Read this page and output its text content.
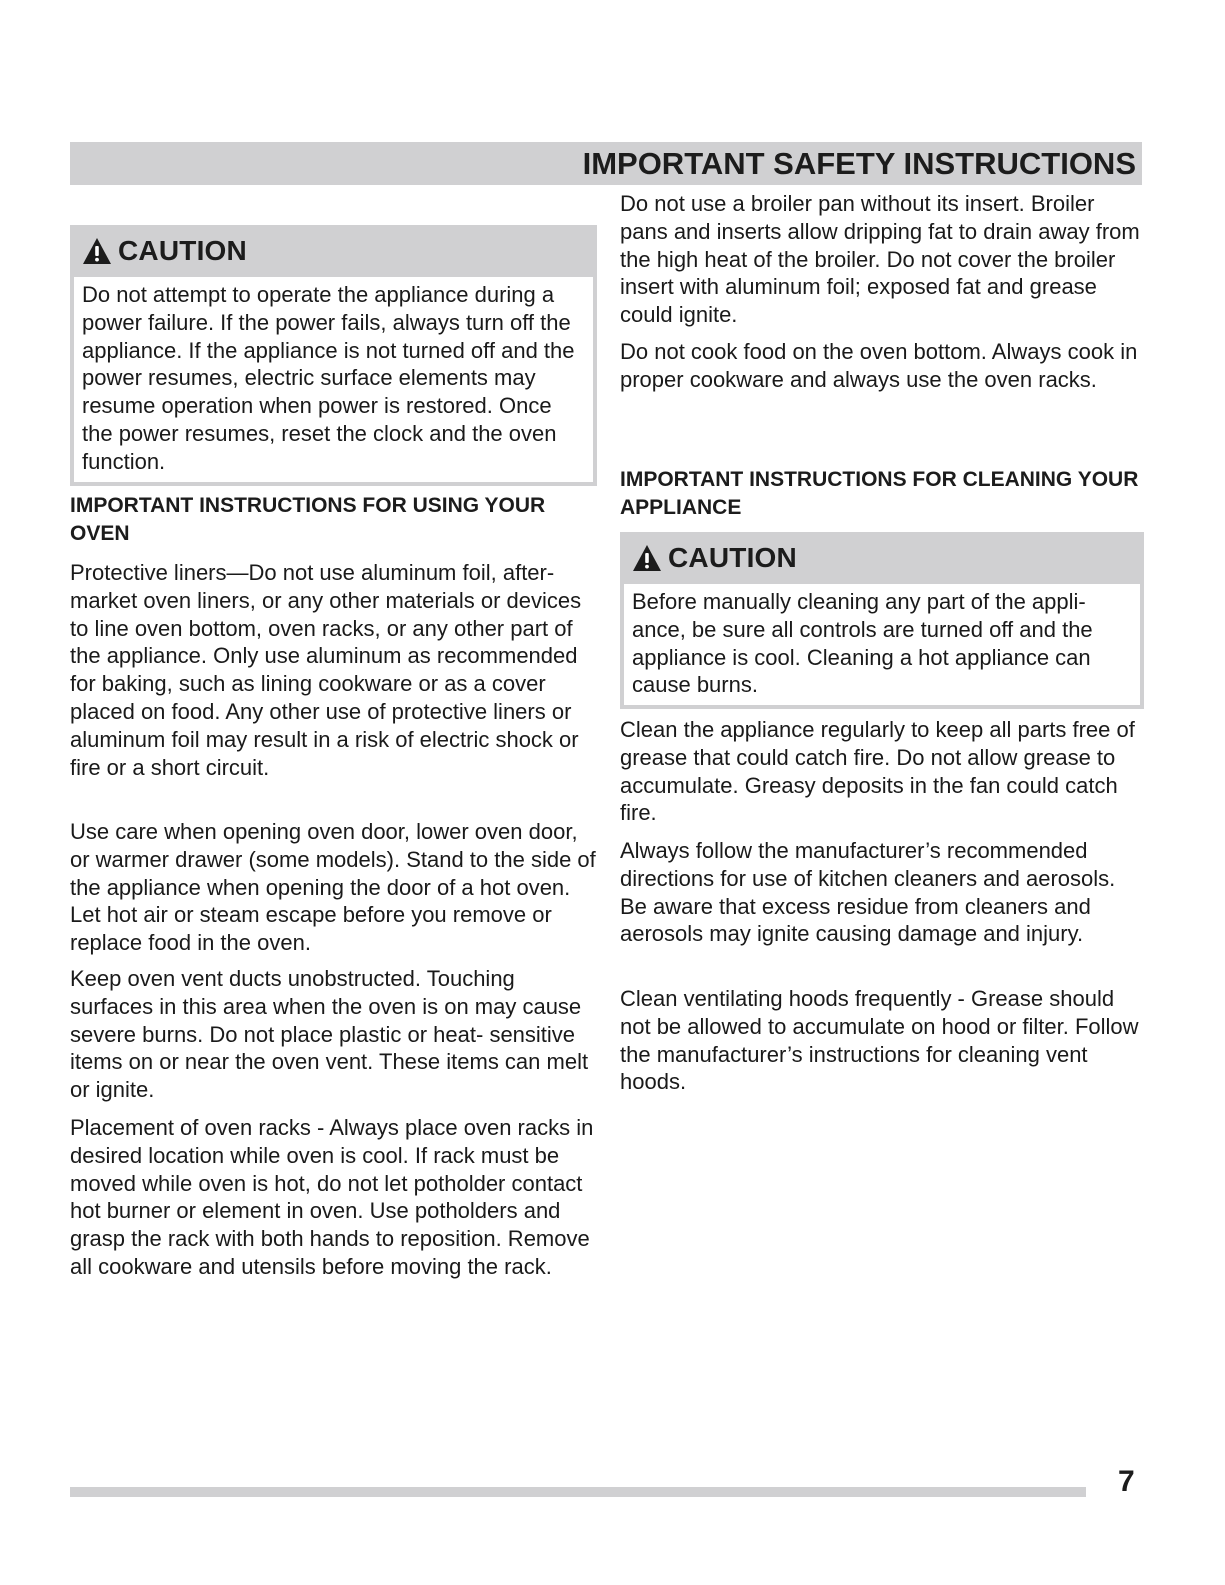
IMPORTANT SAFETY INSTRUCTIONS
CAUTION
Do not attempt to operate the appliance during a power failure. If the power fails, always turn off the appliance. If the appliance is not turned off and the power resumes, electric surface elements may resume operation when power is restored. Once the power resumes, reset the clock and the oven function.
IMPORTANT INSTRUCTIONS FOR USING YOUR OVEN

Protective liners—Do not use aluminum foil, after- market oven liners, or any other materials or devices to line oven bottom, oven racks, or any other part of the appliance. Only use aluminum as recommended for baking, such as lining cookware or as a cover placed on food. Any other use of protective liners or aluminum foil may result in a risk of electric shock or fire or a short circuit.

Use care when opening oven door, lower oven door, or warmer drawer (some models). Stand to the side of the appliance when opening the door of a hot oven. Let hot air or steam escape before you remove or replace food in the oven.

Keep oven vent ducts unobstructed. Touching surfaces in this area when the oven is on may cause severe burns. Do not place plastic or heat- sensitive items on or near the oven vent. These items can melt or ignite.

Placement of oven racks - Always place oven racks in desired location while oven is cool. If rack must be moved while oven is hot, do not let potholder contact hot burner or element in oven. Use potholders and grasp the rack with both hands to reposition. Remove all cookware and utensils before moving the rack.

Do not use a broiler pan without its insert. Broiler pans and inserts allow dripping fat to drain away from the high heat of the broiler. Do not cover the broiler insert with aluminum foil; exposed fat and grease could ignite.

Do not cook food on the oven bottom. Always cook in proper cookware and always use the oven racks.

IMPORTANT INSTRUCTIONS FOR CLEANING YOUR APPLIANCE
CAUTION
Before manually cleaning any part of the appli- ance, be sure all controls are turned off and the appliance is cool. Cleaning a hot appliance can cause burns.

Clean the appliance regularly to keep all parts free of grease that could catch fire. Do not allow grease to accumulate. Greasy deposits in the fan could catch fire.

Always follow the manufacturer’s recommended directions for use of kitchen cleaners and aerosols. Be aware that excess residue from cleaners and aerosols may ignite causing damage and injury.

Clean ventilating hoods frequently - Grease should not be allowed to accumulate on hood or filter. Follow the manufacturer’s instructions for cleaning vent hoods.

7
